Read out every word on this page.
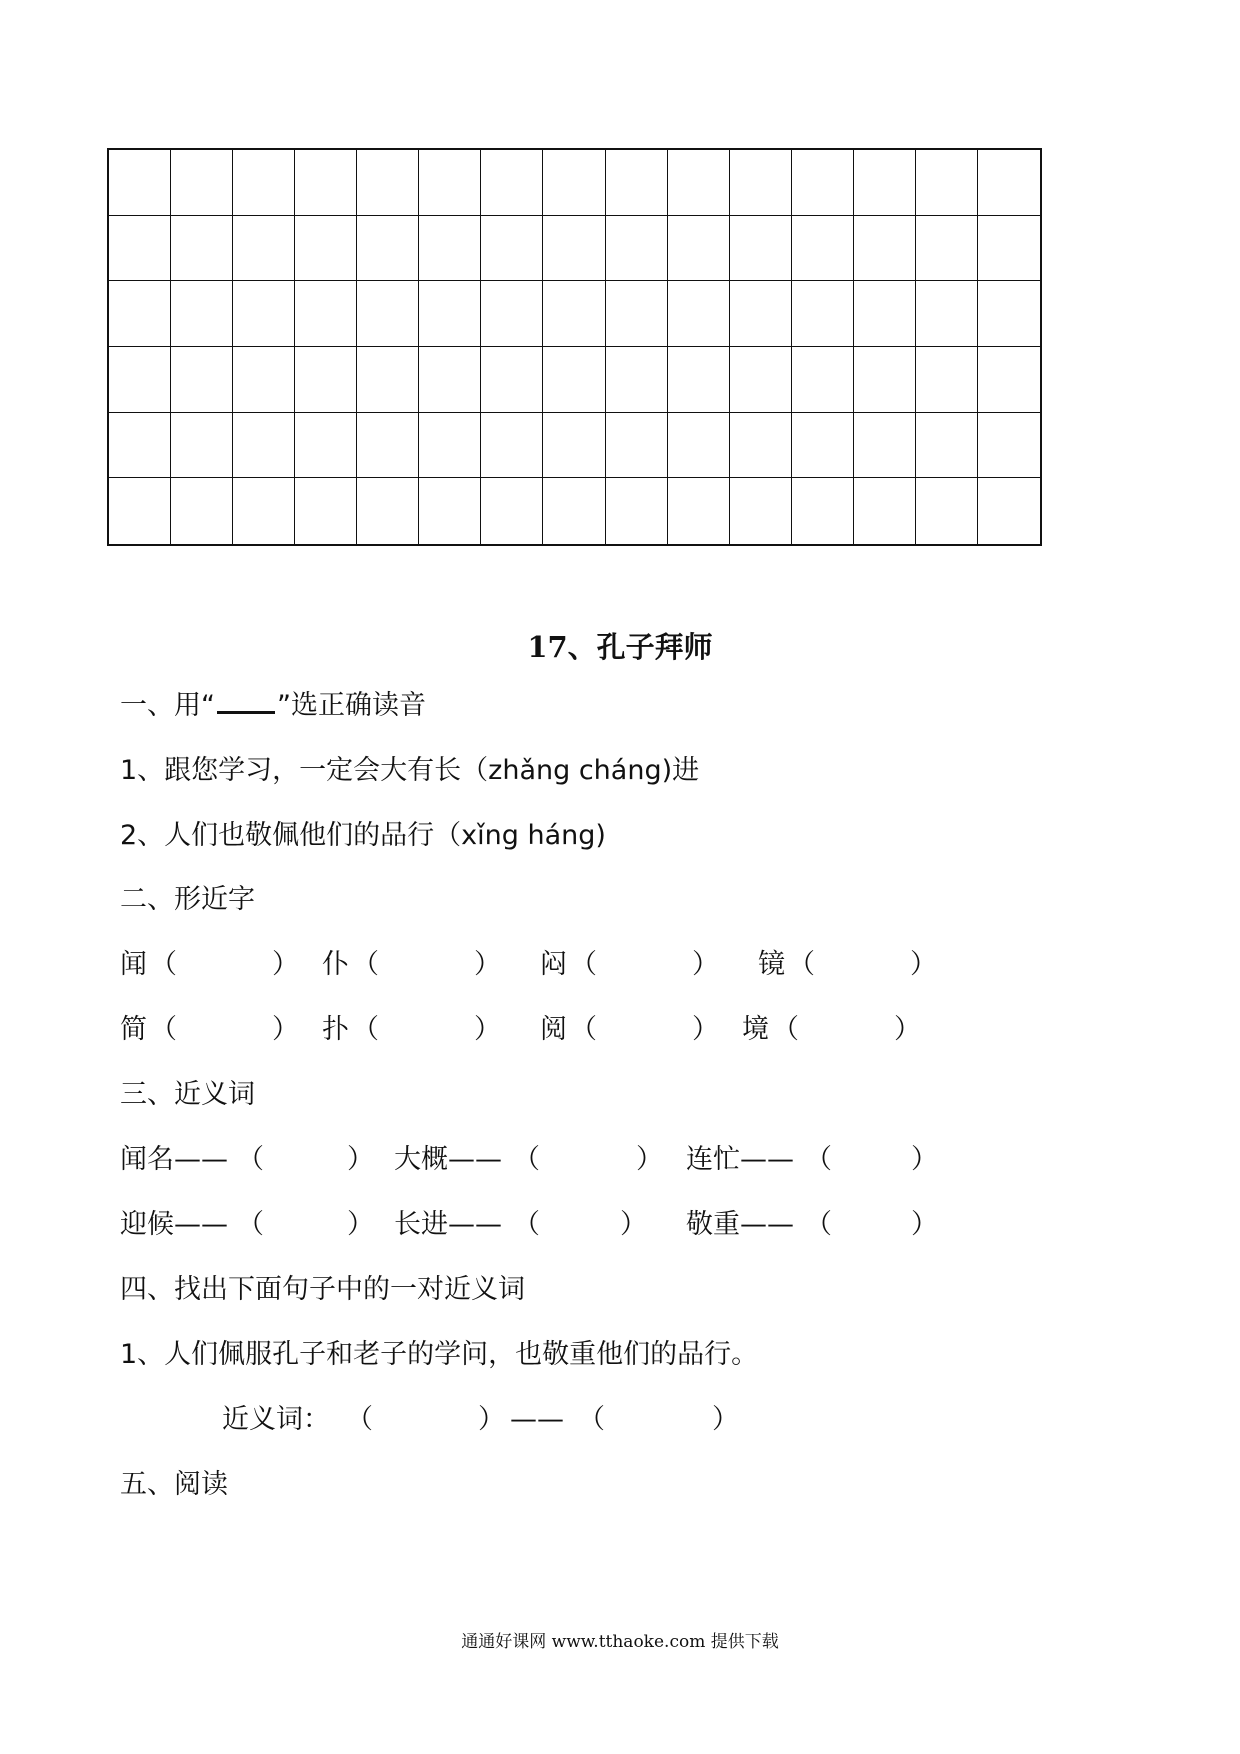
17、孔子拜师
一、用“ ”选正确读音
1、跟您学习，一定会大有长（zhǎng cháng)进
2、人们也敬佩他们的品行（xǐng háng)
二、形近字
闻 （	） 仆 （	） 闷 （	） 镜 （	）
简 （	） 扑 （	） 阅 （	） 境 （	）
三、近义词
闻名—— （	） 大概—— （	） 连忙—— （	）
迎候—— （	） 长进—— （	） 敬重—— （	）
四、找出下面句子中的一对近义词
1、人们佩服孔子和老子的学问，也敬重他们的品行。
近义词： （	） —— （	）
五、阅读
通通好课网 www.tthaoke.com 提供下载
